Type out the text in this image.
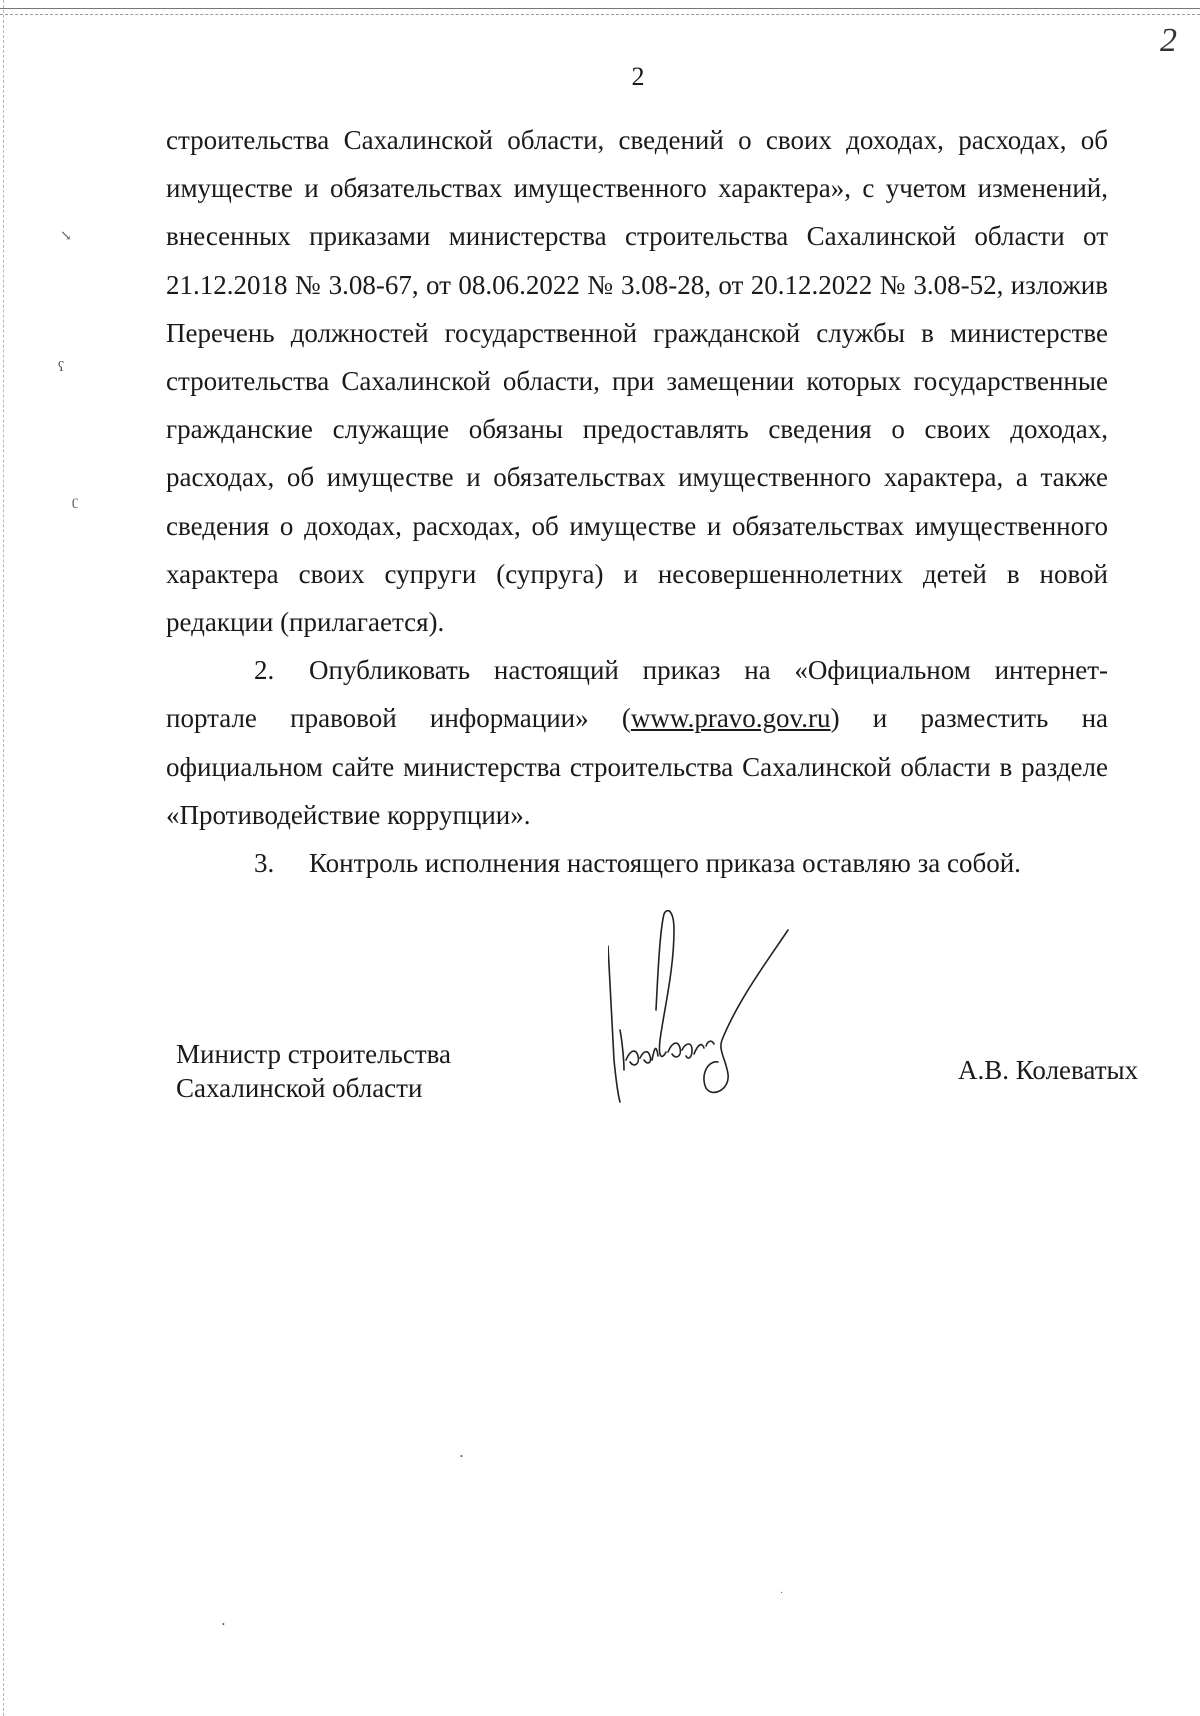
2
2
↘
ʕ
ʗ
•
•
·

строительства Сахалинской области, сведений о своих доходах, расходах, об имуществе и обязательствах имущественного характера», с учетом изменений, внесенных приказами министерства строительства Сахалинской области от 21.12.2018 № 3.08-67, от 08.06.2022 № 3.08-28, от 20.12.2022 № 3.08-52, изложив Перечень должностей государственной гражданской службы в министерстве строительства Сахалинской области, при замещении которых государственные гражданские служащие обязаны предоставлять сведения о своих доходах, расходах, об имуществе и обязательствах имущественного характера, а также сведения о доходах, расходах, об имуществе и обязательствах имущественного характера своих супруги (супруга) и несовершеннолетних детей в новой редакции (прилагается).

2. Опубликовать настоящий приказ на «Официальном интернет-портале правовой информации» (www.pravo.gov.ru) и разместить на официальном сайте министерства строительства Сахалинской области в разделе «Противодействие коррупции».

3. Контроль исполнения настоящего приказа оставляю за собой.

Министр строительства
Сахалинской области
А.В. Колеватых
